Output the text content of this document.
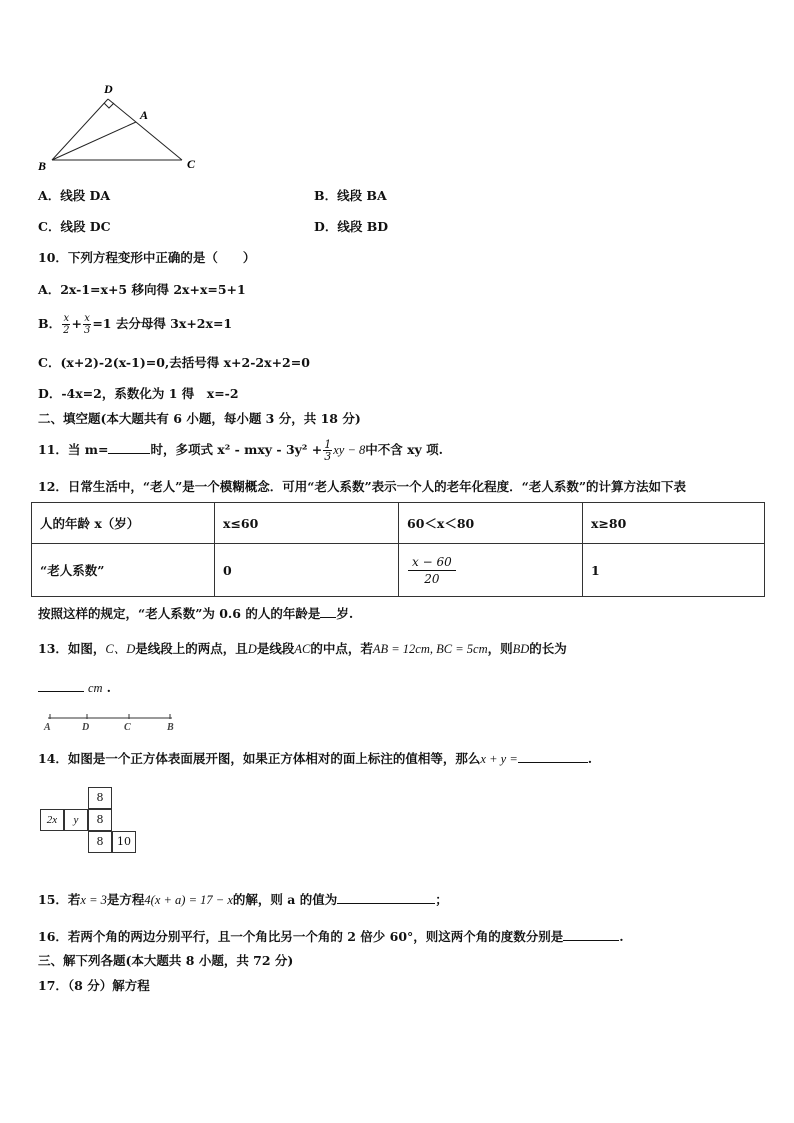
D
A
B	C
A．线段 DA	B．线段 BA
C．线段 DC	D．线段 BD
10．下列方程变形中正确的是（　　）
A．2x-1=x+5 移向得 2x+x=5+1
B． $\frac{x}{2} + \frac{x}{3} =1$ 去分母得 3x+2x=1
C．(x+2)-2(x-1)=0,去括号得 x+2-2x+2=0
D．-4x=2，系数化为 1 得　x=-2
二、填空题(本大题共有 6 小题，每小题 3 分，共 18 分)
11．当 m=	时，多项式 x² - mxy - $3y^2 + \frac{1}{3}$ xy − 8中不含 xy 项.
12．日常生活中，“老人”是一个模糊概念．可用“老人系数”表示一个人的老年化程度．“老人系数”的计算方法如下表
人的年龄 x（岁）	x≤60	60＜x＜80	x≥80
“老人系数”	0	$\frac{x - 60}{20}$	1
按照这样的规定，“老人系数”为 0.6 的人的年龄是 岁.
13．如图，C、D是线段上的两点，且D是线段AC的中点，若AB = 12cm, BC = 5cm，则BD的长为
cm .
A	D	C	B
14．如图是一个正方体表面展开图，如果正方体相对的面上标注的值相等，那么x + y =	.
8
2x	y	8
8	10
15．若x = 3是方程4(x + a) = 17 − x的解，则 a 的值为	；
16．若两个角的两边分别平行，且一个角比另一个角的 2 倍少 60°，则这两个角的度数分别是	.
三、解下列各题(本大题共 8 小题，共 72 分)
17．（8 分）解方程
